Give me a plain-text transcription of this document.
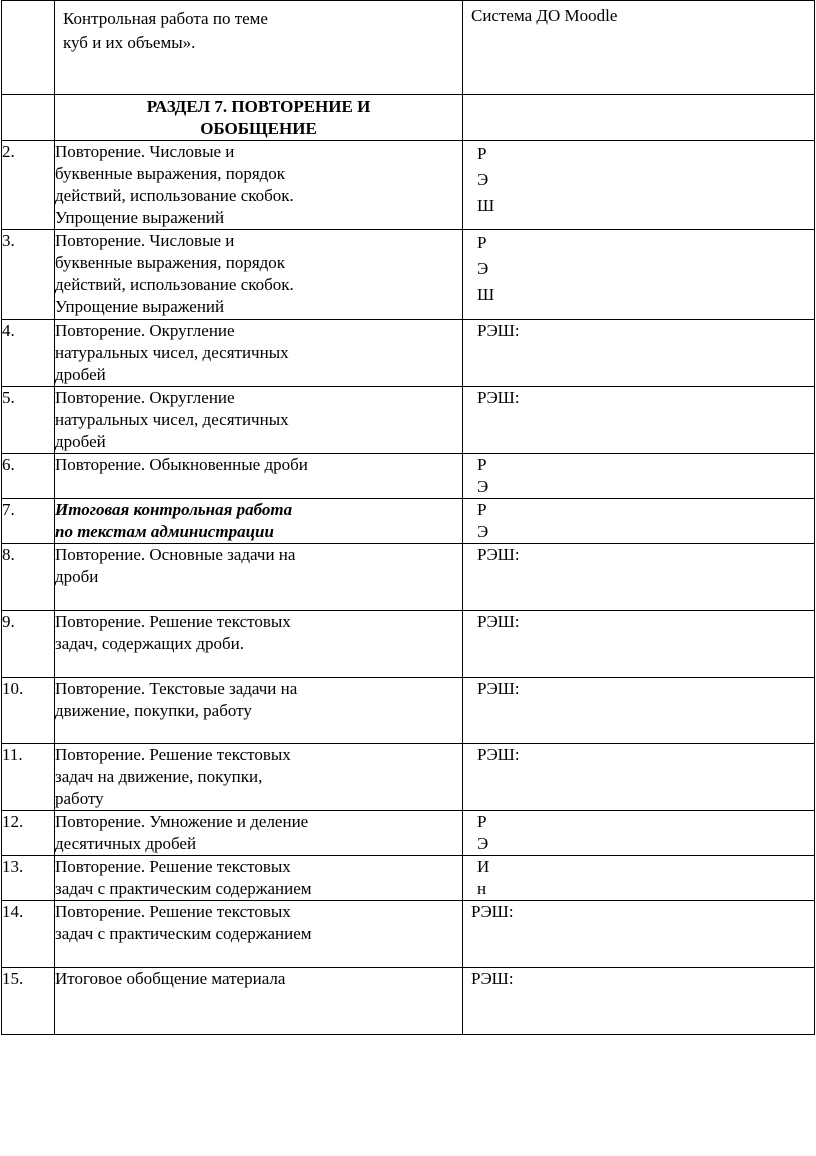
	Контрольная работа по теме
куб и их объемы».	Система ДО Moodle

	РАЗДЕЛ 7. ПОВТОРЕНИЕ И
ОБОБЩЕНИЕ	

2.	Повторение. Числовые и
буквенные выражения, порядок
действий, использование скобок.
Упрощение выражений	Р
Э
Ш

3.	Повторение. Числовые и
буквенные выражения, порядок
действий, использование скобок.
Упрощение выражений	Р
Э
Ш

4.	Повторение. Округление
натуральных чисел, десятичных
дробей	РЭШ:

5.	Повторение. Округление
натуральных чисел, десятичных
дробей	РЭШ:

6.	Повторение. Обыкновенные дроби	Р
Э

7.	Итоговая контрольная работа
по текстам администрации	Р
Э

8.	Повторение. Основные задачи на
дроби	РЭШ:

9.	Повторение. Решение текстовых
задач, содержащих дроби.	РЭШ:

10.	Повторение. Текстовые задачи на
движение, покупки, работу	РЭШ:

11.	Повторение. Решение текстовых
задач на движение, покупки,
работу	РЭШ:

12.	Повторение. Умножение и деление
десятичных дробей	Р
Э

13.	Повторение. Решение текстовых
задач с практическим содержанием	И
н

14.	Повторение. Решение текстовых
задач с практическим содержанием	РЭШ:

15.	Итоговое обобщение материала	РЭШ:
